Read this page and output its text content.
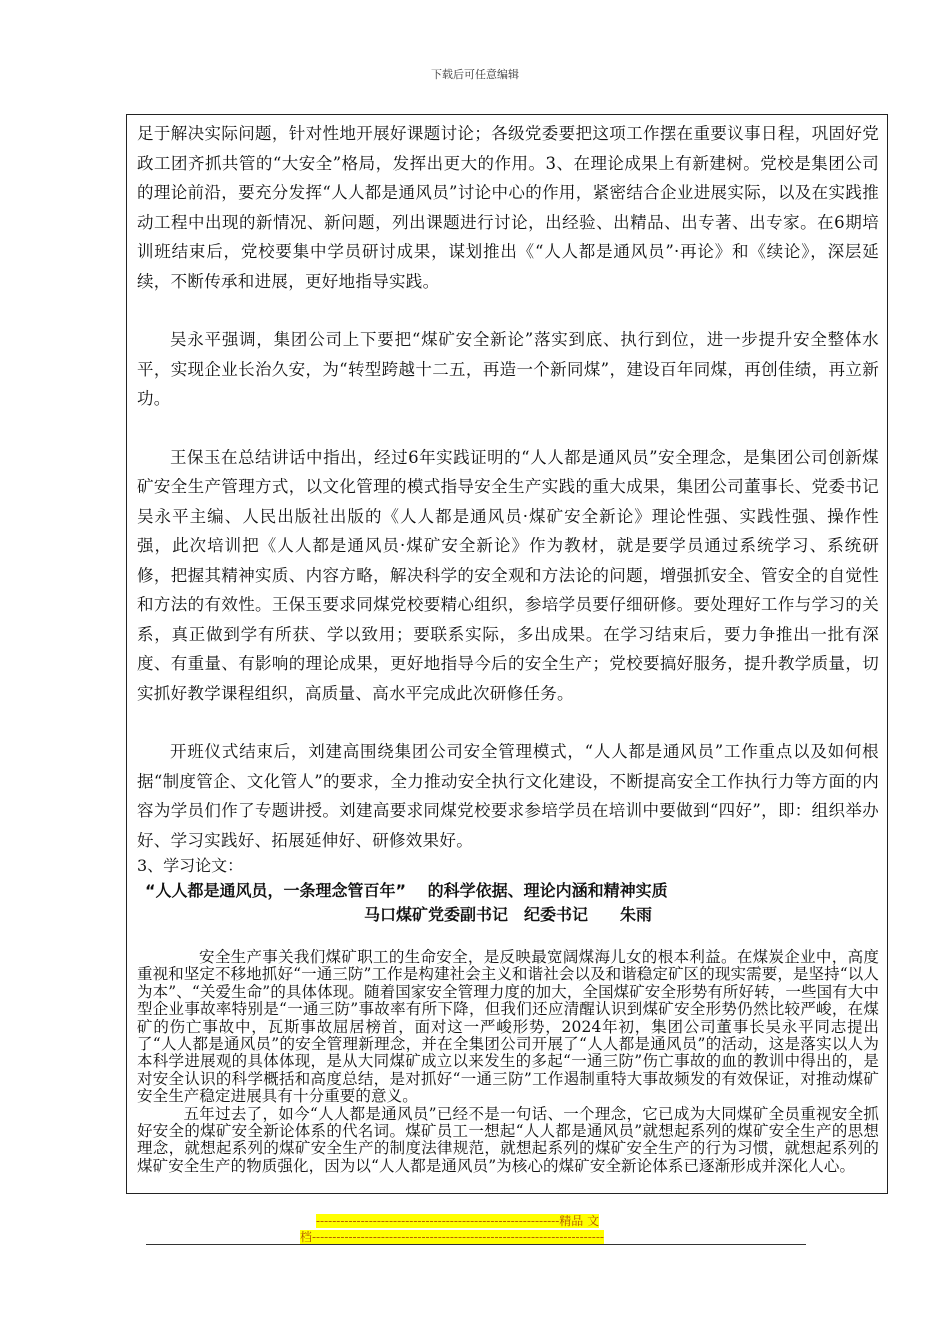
下载后可任意编辑

足于解决实际问题，针对性地开展好课题讨论；各级党委要把这项工作摆在重要议事日程，巩固好党政工团齐抓共管的“大安全”格局，发挥出更大的作用。3、在理论成果上有新建树。党校是集团公司的理论前沿，要充分发挥“人人都是通风员”讨论中心的作用，紧密结合企业进展实际，以及在实践推动工程中出现的新情况、新问题，列出课题进行讨论，出经验、出精品、出专著、出专家。在6期培训班结束后，党校要集中学员研讨成果，谋划推出《“人人都是通风员”·再论》和《续论》，深层延续，不断传承和进展，更好地指导实践。

吴永平强调，集团公司上下要把“煤矿安全新论”落实到底、执行到位，进一步提升安全整体水平，实现企业长治久安，为“转型跨越十二五，再造一个新同煤”，建设百年同煤，再创佳绩，再立新功。

王保玉在总结讲话中指出，经过6年实践证明的“人人都是通风员”安全理念，是集团公司创新煤矿安全生产管理方式，以文化管理的模式指导安全生产实践的重大成果，集团公司董事长、党委书记吴永平主编、人民出版社出版的《人人都是通风员·煤矿安全新论》理论性强、实践性强、操作性强，此次培训把《人人都是通风员·煤矿安全新论》作为教材，就是要学员通过系统学习、系统研修，把握其精神实质、内容方略，解决科学的安全观和方法论的问题，增强抓安全、管安全的自觉性和方法的有效性。王保玉要求同煤党校要精心组织，参培学员要仔细研修。要处理好工作与学习的关系，真正做到学有所获、学以致用；要联系实际，多出成果。在学习结束后，要力争推出一批有深度、有重量、有影响的理论成果，更好地指导今后的安全生产；党校要搞好服务，提升教学质量，切实抓好教学课程组织，高质量、高水平完成此次研修任务。

开班仪式结束后，刘建高围绕集团公司安全管理模式，“人人都是通风员”工作重点以及如何根据“制度管企、文化管人”的要求，全力推动安全执行文化建设，不断提高安全工作执行力等方面的内容为学员们作了专题讲授。刘建高要求同煤党校要求参培学员在培训中要做到“四好”，即：组织举办好、学习实践好、拓展延伸好、研修效果好。

3、学习论文：

“人人都是通风员，一条理念管百年”　 的科学依据、理论内涵和精神实质

马口煤矿党委副书记　纪委书记　　朱雨

安全生产事关我们煤矿职工的生命安全，是反映最宽阔煤海儿女的根本利益。在煤炭企业中，高度重视和坚定不移地抓好“一通三防”工作是构建社会主义和谐社会以及和谐稳定矿区的现实需要，是坚持“以人为本”、“关爱生命”的具体体现。随着国家安全管理力度的加大，全国煤矿安全形势有所好转，一些国有大中型企业事故率特别是“一通三防”事故率有所下降，但我们还应清醒认识到煤矿安全形势仍然比较严峻，在煤矿的伤亡事故中，瓦斯事故屈居榜首，面对这一严峻形势，2024年初，集团公司董事长吴永平同志提出了“人人都是通风员”的安全管理新理念，并在全集团公司开展了“人人都是通风员”的活动，这是落实以人为本科学进展观的具体体现，是从大同煤矿成立以来发生的多起“一通三防”伤亡事故的血的教训中得出的，是对安全认识的科学概括和高度总结，是对抓好“一通三防”工作遏制重特大事故频发的有效保证，对推动煤矿安全生产稳定进展具有十分重要的意义。

五年过去了，如今“人人都是通风员”已经不是一句话、一个理念，它已成为大同煤矿全员重视安全抓好安全的煤矿安全新论体系的代名词。煤矿员工一想起“人人都是通风员”就想起系列的煤矿安全生产的思想理念，就想起系列的煤矿安全生产的制度法律规范，就想起系列的煤矿安全生产的行为习惯，就想起系列的煤矿安全生产的物质强化，因为以“人人都是通风员”为核心的煤矿安全新论体系已逐渐形成并深化人心。

------------------------------------------------------------精品 文
档------------------------------------------------------------------------
